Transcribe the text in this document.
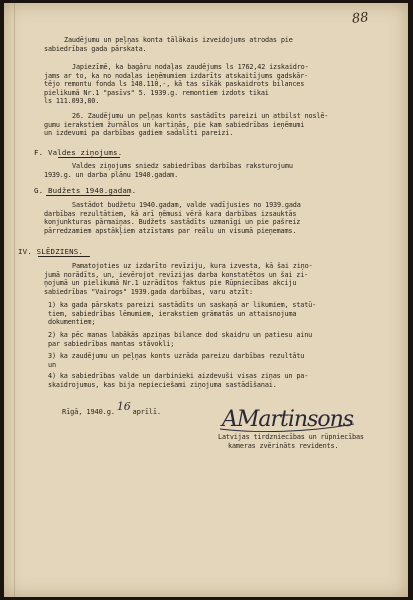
88
Zaudējumu un peļņas konta tālākais izveidojums atrodas pie
sabiedrības gada pārskata.
Japiezīmē, ka bagāru nodaļas zaudējums ls 1762,42 izskaidro-
jams ar to, ka no nodaļas ieņēmumiem izdarīts atskaitījums gadskār-
tējo remontu fonda ls 148.110,-, kā tas sīkāk paskaidrots bilances
pielikumā Nr.1 "pasīvs" 5. 1939.g. remontiem izdots tikai
ls 111.093,80.
26. Zaudējumu un peļņas konts sastādīts pareizi un atbilst noslē-
gumu ierakstiem žurnālos un kartiņās, pie kam sabiedrības ieņēmumi
un izdevumi pa darbības gadiem sadalīti pareizi.
F. Valdes ziņojums.
Valdes ziņojums sniedz sabiedrības darbības raksturojumu
1939.g. un darba plānu 1940.gadam.
G. Budžets 1940.gadam.
Sastādot budžetu 1940.gadam, valde vadījusies no 1939.gada
darbības rezultātiem, kā arī ņēmusi vērā kara darbības izsauktās
konjunkturas pārmaiņas. Budžets sastādīts uzmanīgi un pie pašreiz
pārredzamiem apstākļiem atzīstams par reālu un visumā pieņemams.
IV. SLĒDZIENS.
Pamatojoties uz izdarīto revīziju, kura izvesta, kā šai ziņo-
jumā norādīts, un, ievērojot revīzijas darba konstatētos un šai zi-
ņojumā un pielikumā Nr.1 uzrādītos faktus pie Rūpniecības akciju
sabiedrības "Vairogs" 1939.gada darbības, varu atzīt:
1) ka gada pārskats pareizi sastādīts un saskaņā ar likumiem, statū-
tiem, sabiedrības lēmumiem, ierakstiem grāmatās un attaisnojuma
dokumentiem;
2) ka pēc manas labākās apziņas bilance dod skaidru un patiesu ainu
par sabiedrības mantas stāvokli;
3) ka zaudējumu un peļņas konts uzrāda pareizu darbības rezultātu
un
4) ka sabiedrības valde un darbinieki aizdevuši visas ziņas un pa-
skaidrojumus, kas bija nepieciešami ziņojuma sastādīšanai.
Rīgā, 1940.g. 16 aprīlī.	AMartinsons
Latvijas tirdzniecības un rūpniecības
kameras zvērināts revidents.
